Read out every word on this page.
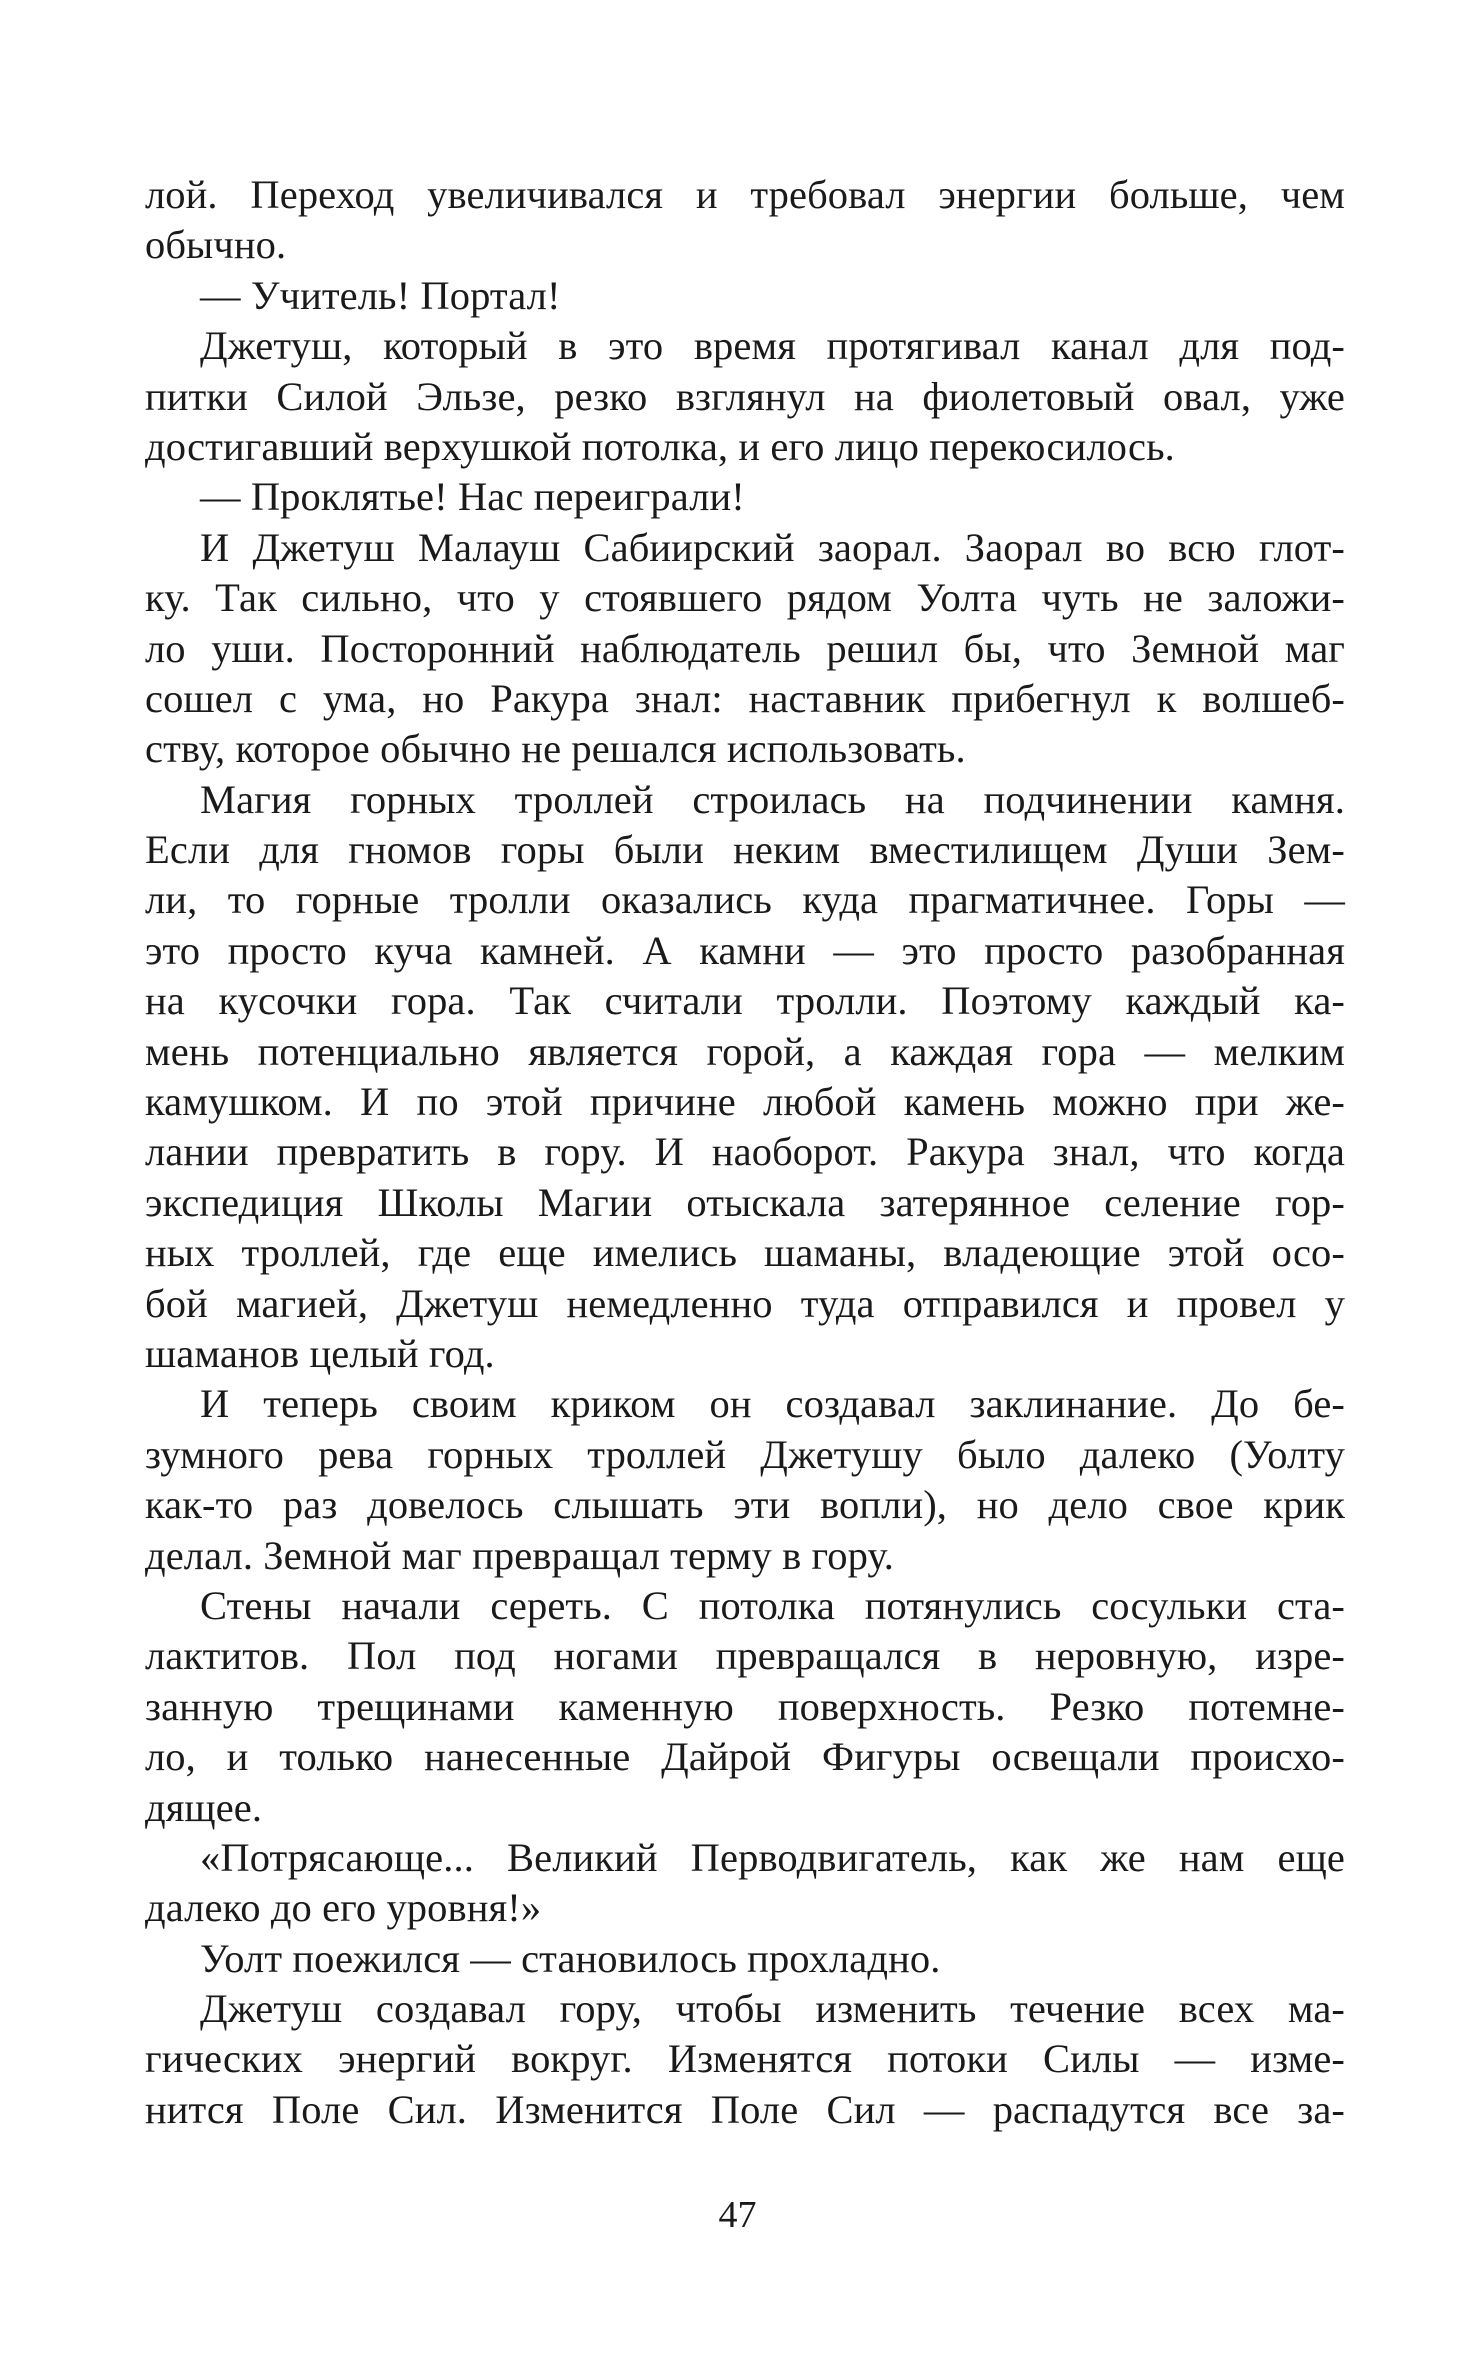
лой. Переход увеличивался и требовал энергии больше, чем
обычно.
— Учитель! Портал!
Джетуш, который в это время протягивал канал для под-
питки Силой Эльзе, резко взглянул на фиолетовый овал, уже
достигавший верхушкой потолка, и его лицо перекосилось.
— Проклятье! Нас переиграли!
И Джетуш Малауш Сабиирский заорал. Заорал во всю глот-
ку. Так сильно, что у стоявшего рядом Уолта чуть не заложи-
ло уши. Посторонний наблюдатель решил бы, что Земной маг
сошел с ума, но Ракура знал: наставник прибегнул к волшеб-
ству, которое обычно не решался использовать.
Магия горных троллей строилась на подчинении камня.
Если для гномов горы были неким вместилищем Души Зем-
ли, то горные тролли оказались куда прагматичнее. Горы —
это просто куча камней. А камни — это просто разобранная
на кусочки гора. Так считали тролли. Поэтому каждый ка-
мень потенциально является горой, а каждая гора — мелким
камушком. И по этой причине любой камень можно при же-
лании превратить в гору. И наоборот. Ракура знал, что когда
экспедиция Школы Магии отыскала затерянное селение гор-
ных троллей, где еще имелись шаманы, владеющие этой осо-
бой магией, Джетуш немедленно туда отправился и провел у
шаманов целый год.
И теперь своим криком он создавал заклинание. До бе-
зумного рева горных троллей Джетушу было далеко (Уолту
как-то раз довелось слышать эти вопли), но дело свое крик
делал. Земной маг превращал терму в гору.
Стены начали сереть. С потолка потянулись сосульки ста-
лактитов. Пол под ногами превращался в неровную, изре-
занную трещинами каменную поверхность. Резко потемне-
ло, и только нанесенные Дайрой Фигуры освещали происхо-
дящее.
«Потрясающе... Великий Перводвигатель, как же нам еще
далеко до его уровня!»
Уолт поежился — становилось прохладно.
Джетуш создавал гору, чтобы изменить течение всех ма-
гических энергий вокруг. Изменятся потоки Силы — изме-
нится Поле Сил. Изменится Поле Сил — распадутся все за-
47
